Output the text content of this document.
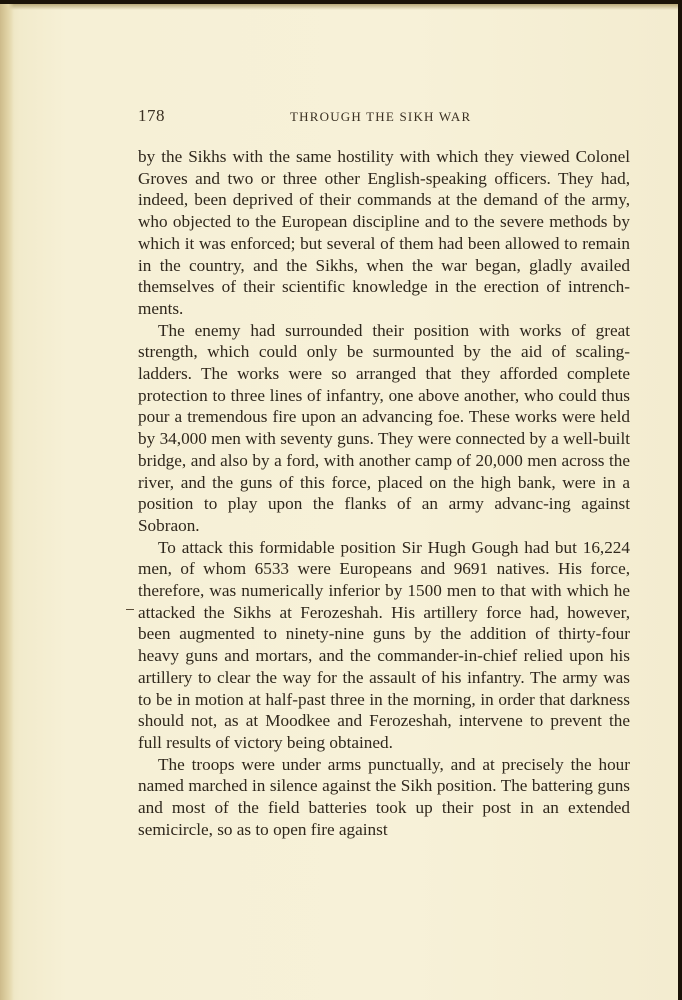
178	THROUGH THE SIKH WAR

by the Sikhs with the same hostility with which they viewed Colonel Groves and two or three other English-speaking officers. They had, indeed, been deprived of their commands at the demand of the army, who objected to the European discipline and to the severe methods by which it was enforced; but several of them had been allowed to remain in the country, and the Sikhs, when the war began, gladly availed themselves of their scientific knowledge in the erection of intrench-ments.

The enemy had surrounded their position with works of great strength, which could only be surmounted by the aid of scaling-ladders. The works were so arranged that they afforded complete protection to three lines of infantry, one above another, who could thus pour a tremendous fire upon an advancing foe. These works were held by 34,000 men with seventy guns. They were connected by a well-built bridge, and also by a ford, with another camp of 20,000 men across the river, and the guns of this force, placed on the high bank, were in a position to play upon the flanks of an army advanc-ing against Sobraon.

To attack this formidable position Sir Hugh Gough had but 16,224 men, of whom 6533 were Europeans and 9691 natives. His force, therefore, was numerically inferior by 1500 men to that with which he attacked the Sikhs at Ferozeshah. His artillery force had, however, been augmented to ninety-nine guns by the addition of thirty-four heavy guns and mortars, and the commander-in-chief relied upon his artillery to clear the way for the assault of his infantry. The army was to be in motion at half-past three in the morning, in order that darkness should not, as at Moodkee and Ferozeshah, intervene to prevent the full results of victory being obtained.

The troops were under arms punctually, and at precisely the hour named marched in silence against the Sikh position. The battering guns and most of the field batteries took up their post in an extended semicircle, so as to open fire against
